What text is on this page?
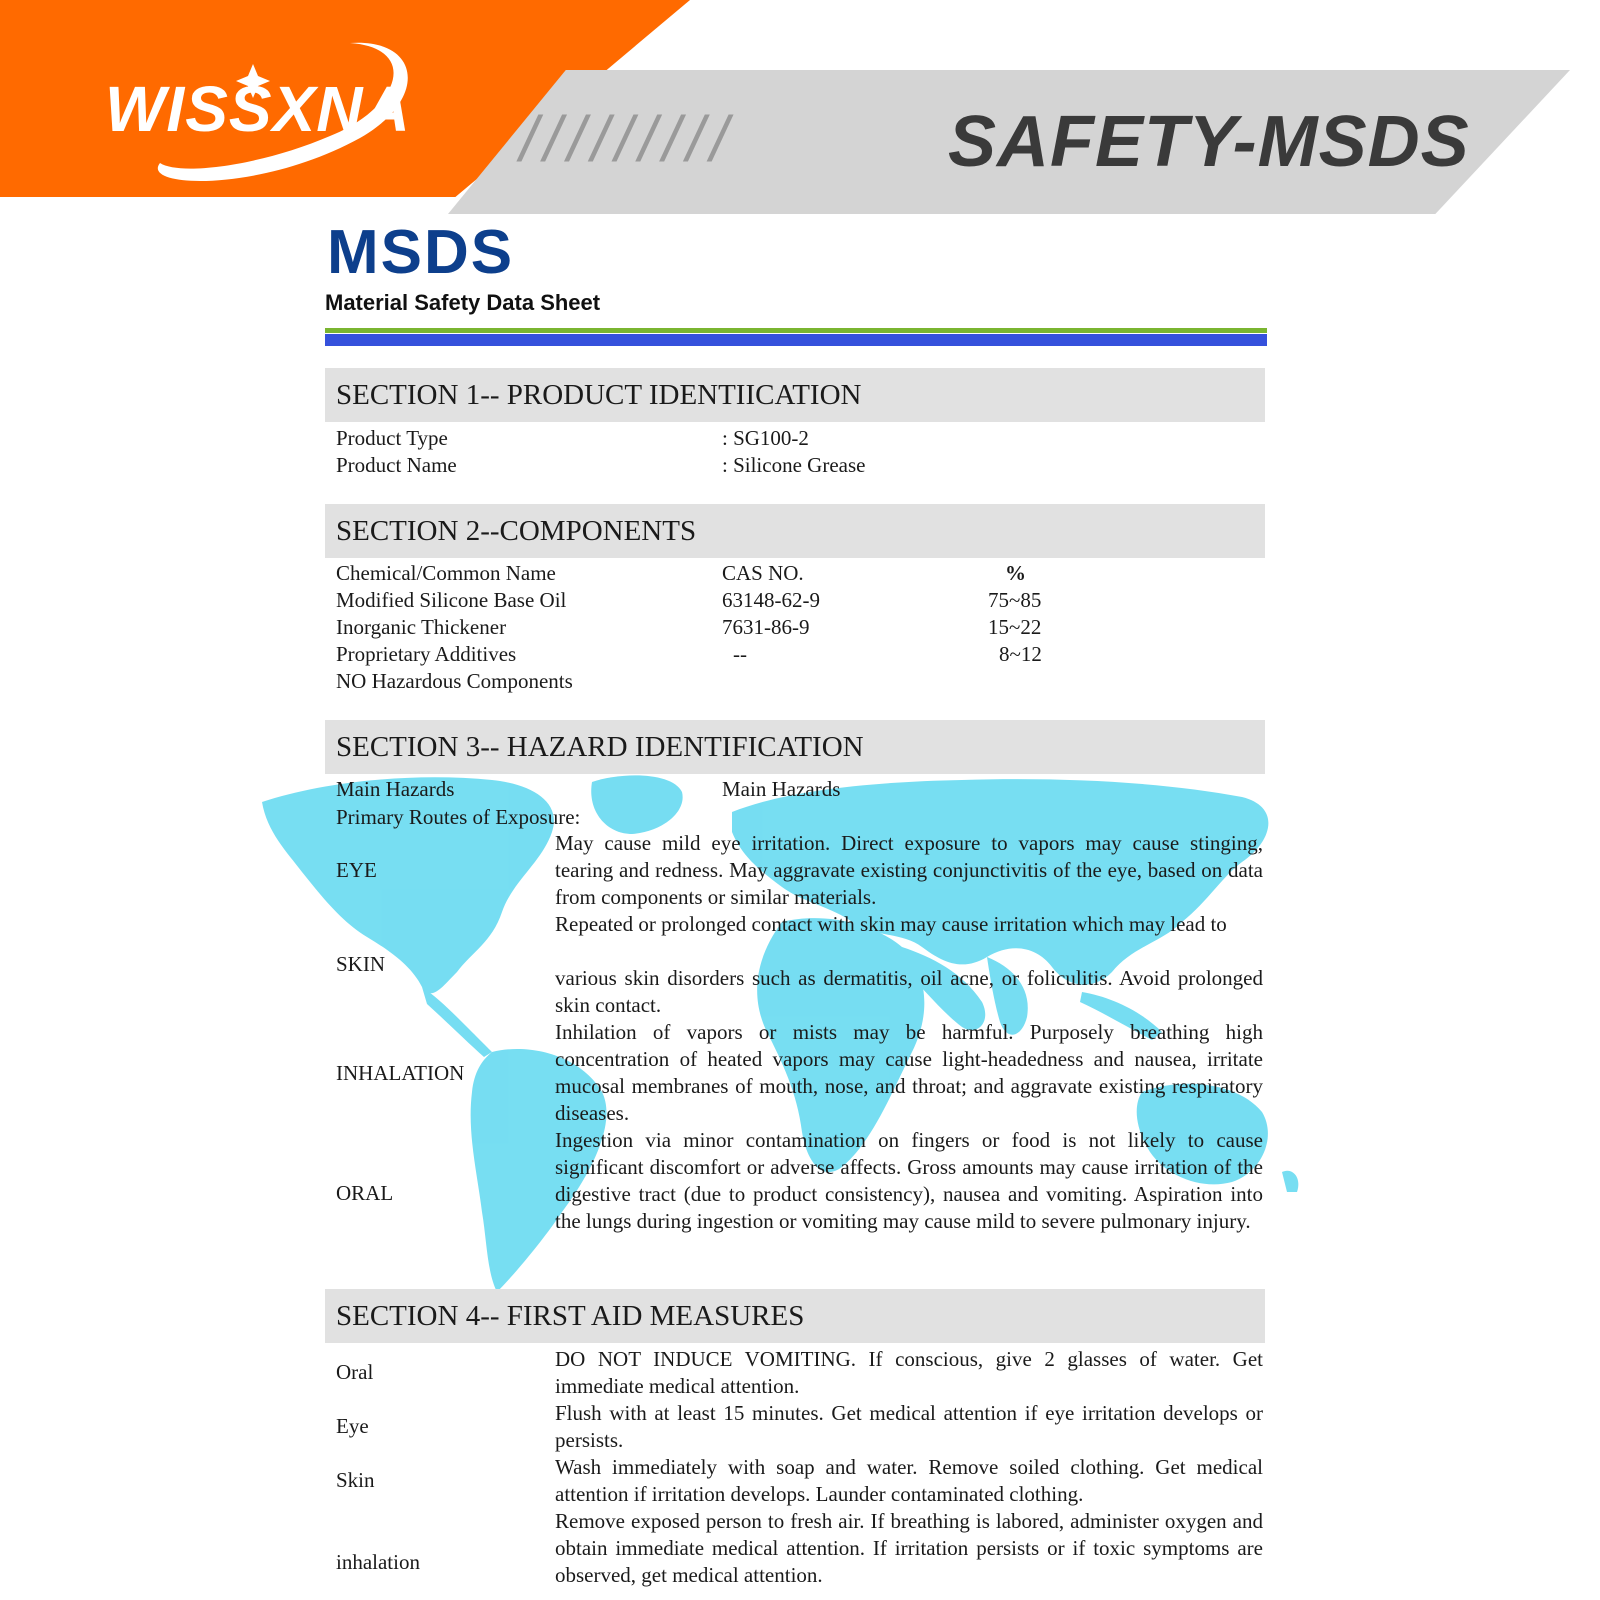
WISSXNA /////////	SAFETY-MSDS
MSDS
Material Safety Data Sheet
SECTION 1-- PRODUCT IDENTIICATION
Product Type	: SG100-2
Product Name	: Silicone Grease
SECTION 2--COMPONENTS
Chemical/Common Name	CAS NO.	%
Modified Silicone Base Oil	63148-62-9	75~85
Inorganic Thickener	7631-86-9	15~22
Proprietary Additives	--	8~12
NO Hazardous Components
SECTION 3-- HAZARD IDENTIFICATION
Main Hazards	Main Hazards
Primary Routes of Exposure:
EYE
May cause mild eye irritation. Direct exposure to vapors may cause stinging, tearing and redness. May aggravate existing conjunctivitis of the eye, based on data from components or similar materials.
SKIN
Repeated or prolonged contact with skin may cause irritation which may lead to
various skin disorders such as dermatitis, oil acne, or foliculitis. Avoid prolonged skin contact.
INHALATION
Inhilation of vapors or mists may be harmful. Purposely breathing high concentration of heated vapors may cause light-headedness and nausea, irritate mucosal membranes of mouth, nose, and throat; and aggravate existing respiratory diseases.
ORAL
Ingestion via minor contamination on fingers or food is not likely to cause significant discomfort or adverse affects. Gross amounts may cause irritation of the digestive tract (due to product consistency), nausea and vomiting. Aspiration into the lungs during ingestion or vomiting may cause mild to severe pulmonary injury.
SECTION 4-- FIRST AID MEASURES
Oral
DO NOT INDUCE VOMITING. If conscious, give 2 glasses of water. Get immediate medical attention.
Eye
Flush with at least 15 minutes. Get medical attention if eye irritation develops or persists.
Skin
Wash immediately with soap and water. Remove soiled clothing. Get medical attention if irritation develops. Launder contaminated clothing.
inhalation
Remove exposed person to fresh air. If breathing is labored, administer oxygen and obtain immediate medical attention. If irritation persists or if toxic symptoms are observed, get medical attention.
